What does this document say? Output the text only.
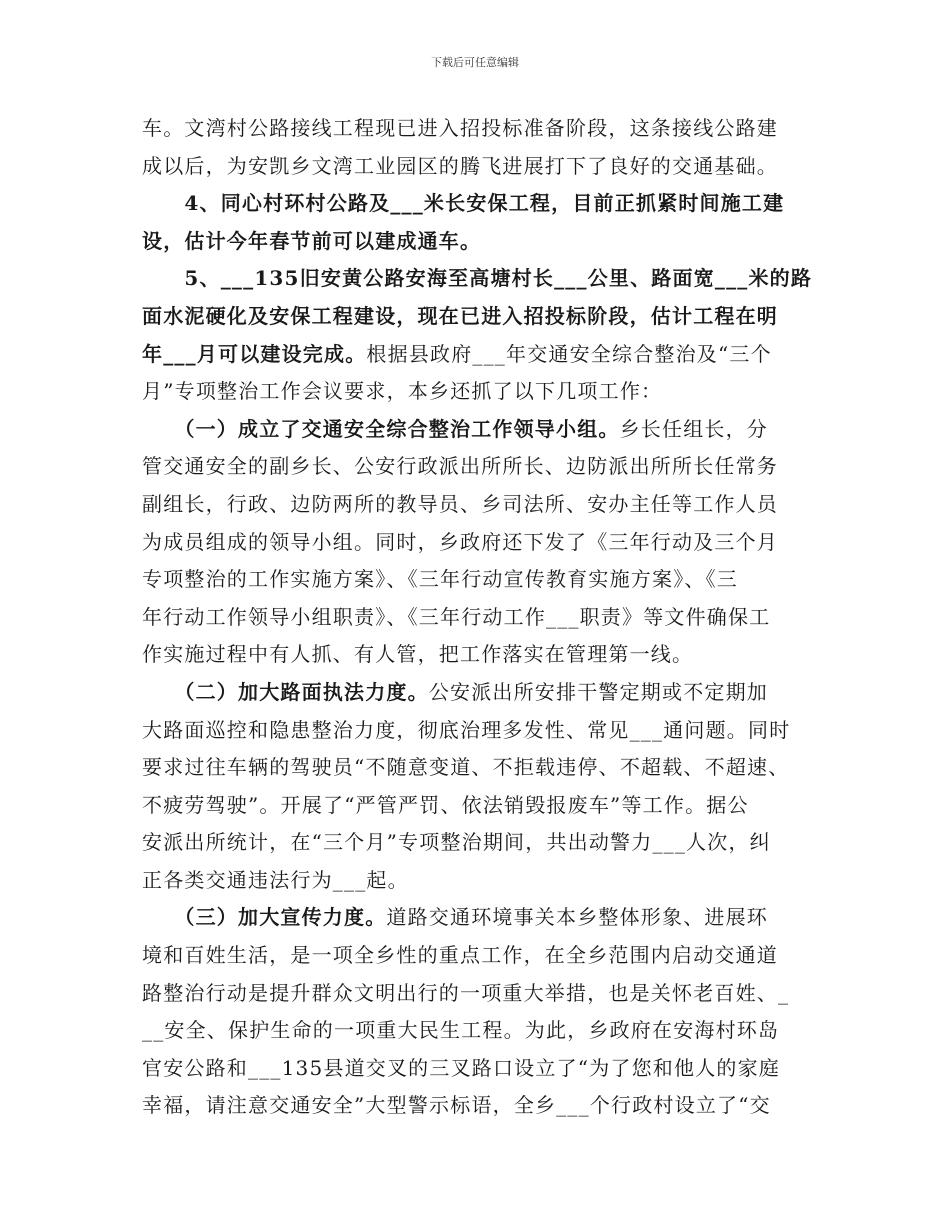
下载后可任意编辑
车。文湾村公路接线工程现已进入招投标准备阶段，这条接线公路建
成以后，为安凯乡文湾工业园区的腾飞进展打下了良好的交通基础。
　　4、同心村环村公路及___米长安保工程，目前正抓紧时间施工建
设，估计今年春节前可以建成通车。
　　5、___135旧安黄公路安海至高塘村长___公里、路面宽___米的路
面水泥硬化及安保工程建设，现在已进入招投标阶段，估计工程在明
年___月可以建设完成。根据县政府___年交通安全综合整治及“三个
月”专项整治工作会议要求，本乡还抓了以下几项工作：
　　（一）成立了交通安全综合整治工作领导小组。乡长任组长，分
管交通安全的副乡长、公安行政派出所所长、边防派出所所长任常务
副组长，行政、边防两所的教导员、乡司法所、安办主任等工作人员
为成员组成的领导小组。同时，乡政府还下发了《三年行动及三个月
专项整治的工作实施方案》、《三年行动宣传教育实施方案》、《三
年行动工作领导小组职责》、《三年行动工作___职责》等文件确保工
作实施过程中有人抓、有人管，把工作落实在管理第一线。
　　（二）加大路面执法力度。公安派出所安排干警定期或不定期加
大路面巡控和隐患整治力度，彻底治理多发性、常见___通问题。同时
要求过往车辆的驾驶员“不随意变道、不拒载违停、不超载、不超速、
不疲劳驾驶”。开展了“严管严罚、依法销毁报废车”等工作。据公
安派出所统计，在“三个月”专项整治期间，共出动警力___人次，纠
正各类交通违法行为___起。
　　（三）加大宣传力度。道路交通环境事关本乡整体形象、进展环
境和百姓生活，是一项全乡性的重点工作，在全乡范围内启动交通道
路整治行动是提升群众文明出行的一项重大举措，也是关怀老百姓、_
__安全、保护生命的一项重大民生工程。为此，乡政府在安海村环岛
官安公路和___135县道交叉的三叉路口设立了“为了您和他人的家庭
幸福，请注意交通安全”大型警示标语，全乡___个行政村设立了“交
